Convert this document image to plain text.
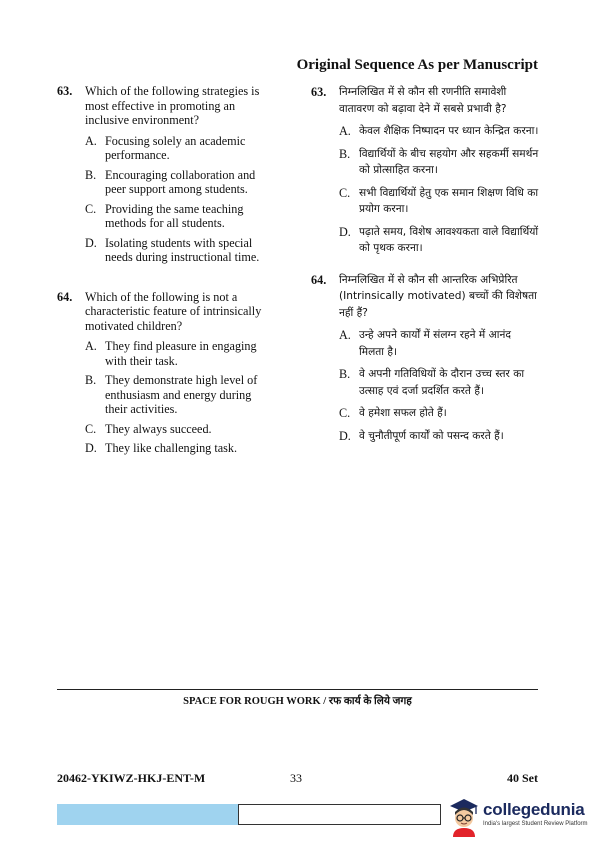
Original Sequence As per Manuscript
63. Which of the following strategies is most effective in promoting an inclusive environment?
A. Focusing solely an academic performance.
B. Encouraging collaboration and peer support among students.
C. Providing the same teaching methods for all students.
D. Isolating students with special needs during instructional time.
64. Which of the following is not a characteristic feature of intrinsically motivated children?
A. They find pleasure in engaging with their task.
B. They demonstrate high level of enthusiasm and energy during their activities.
C. They always succeed.
D. They like challenging task.
63. निम्नलिखित में से कौन सी रणनीति समावेशी वातावरण को बढ़ावा देने में सबसे प्रभावी है?
A. केवल शैक्षिक निष्पादन पर ध्यान केन्द्रित करना।
B. विद्यार्थियों के बीच सहयोग और सहकर्मी समर्थन को प्रोत्साहित करना।
C. सभी विद्यार्थियों हेतु एक समान शिक्षण विधि का प्रयोग करना।
D. पढ़ाते समय, विशेष आवश्यकता वाले विद्यार्थियों को पृथक करना।
64. निम्नलिखित में से कौन सी आन्तरिक अभिप्रेरित (Intrinsically motivated) बच्चों की विशेषता नहीं हैं?
A. उन्हे अपने कार्यों में संलग्न रहने में आनंद मिलता है।
B. वे अपनी गतिविधियों के दौरान उच्च स्तर का उत्साह एवं दर्जा प्रदर्शित करते हैं।
C. वे हमेशा सफल होते हैं।
D. वे चुनौतीपूर्ण कार्यों को पसन्द करते हैं।
SPACE FOR ROUGH WORK / रफ कार्य के लिये जगह
20462-YKIWZ-HKJ-ENT-M	33	40 Set
collegedunia
India's largest Student Review Platform
